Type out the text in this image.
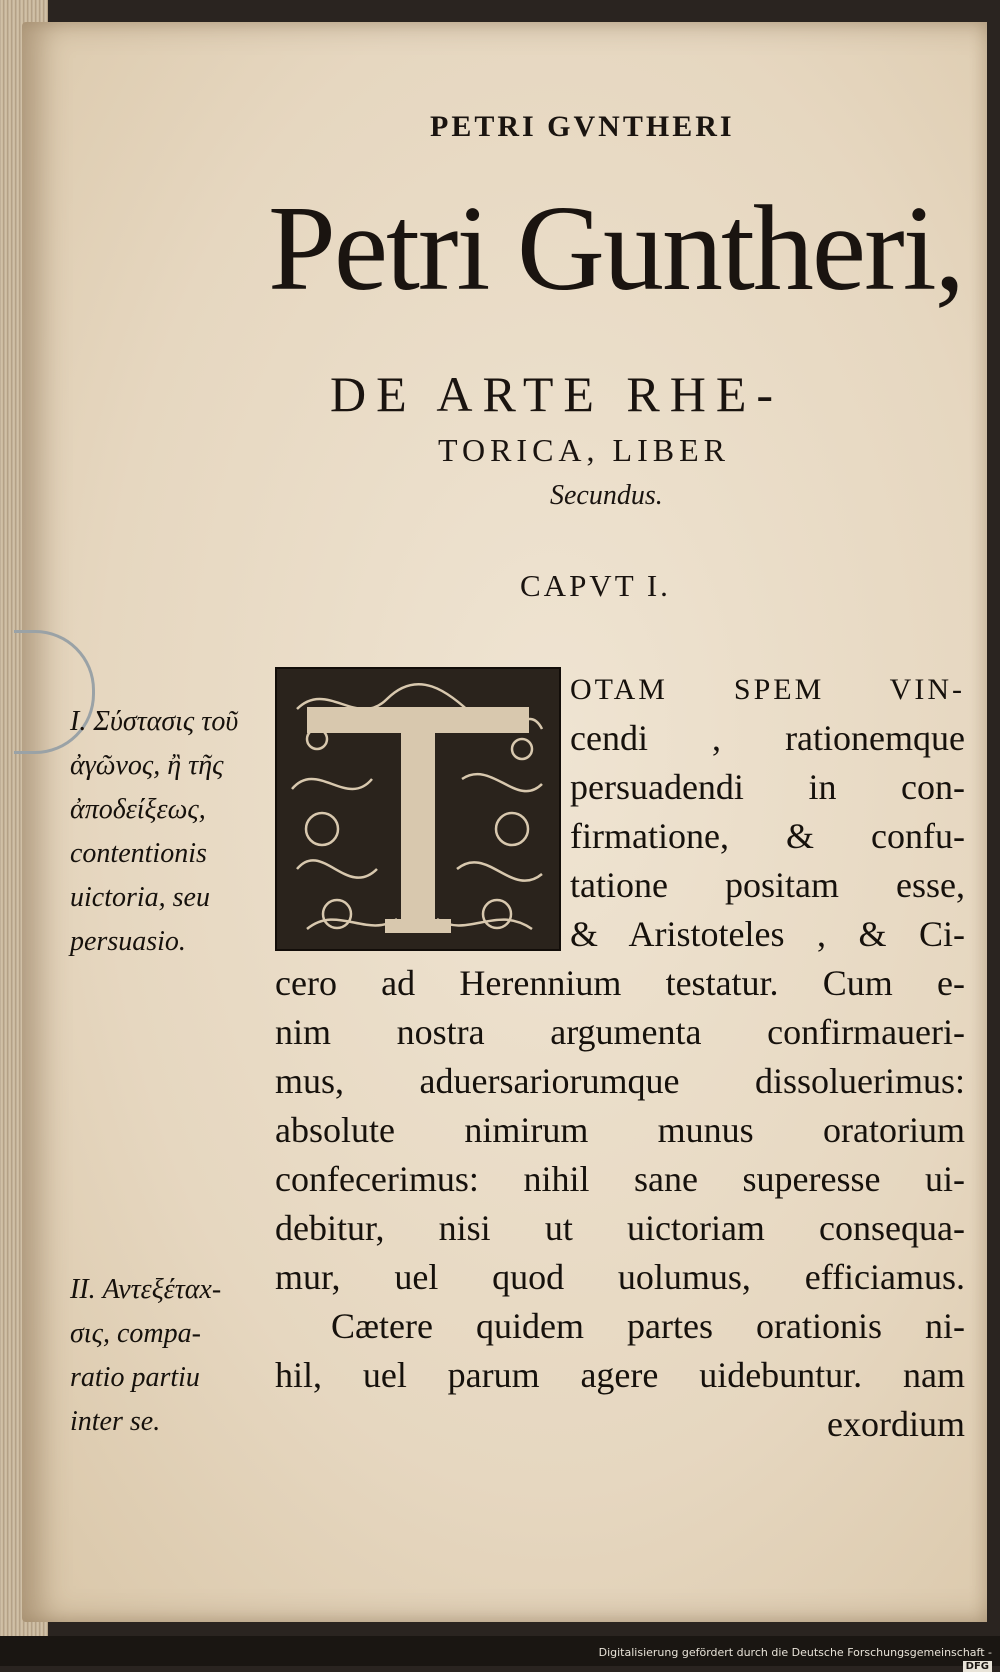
PETRI GVNTHERI
Petri Guntheri,
DE ARTE RHE-
TORICA, LIBER
Secundus.
CAPVT I.
OTAM SPEM VIN-
cendi , rationemque
persuadendi in con-
firmatione, & confu-
tatione positam esse,
& Aristoteles , & Ci-
cero ad Herennium testatur. Cum e-
nim nostra argumenta confirmaueri-
mus, aduersariorumque dissoluerimus:
absolute nimirum munus oratorium
confecerimus: nihil sane superesse ui-
debitur, nisi ut uictoriam consequa-
mur, uel quod uolumus, efficiamus.
Cætere quidem partes orationis ni-
hil, uel parum agere uidebuntur. nam
exordium
I. Σύστασις τοῦ
ἀγῶνος, ἢ τῆς
ἀποδείξεως,
contentionis
uictoria, seu
persuasio.
II. Αντεξέταx-
σις, compa-
ratio partiu
inter se.
Digitalisierung gefördert durch die Deutsche Forschungsgemeinschaft - DFG
